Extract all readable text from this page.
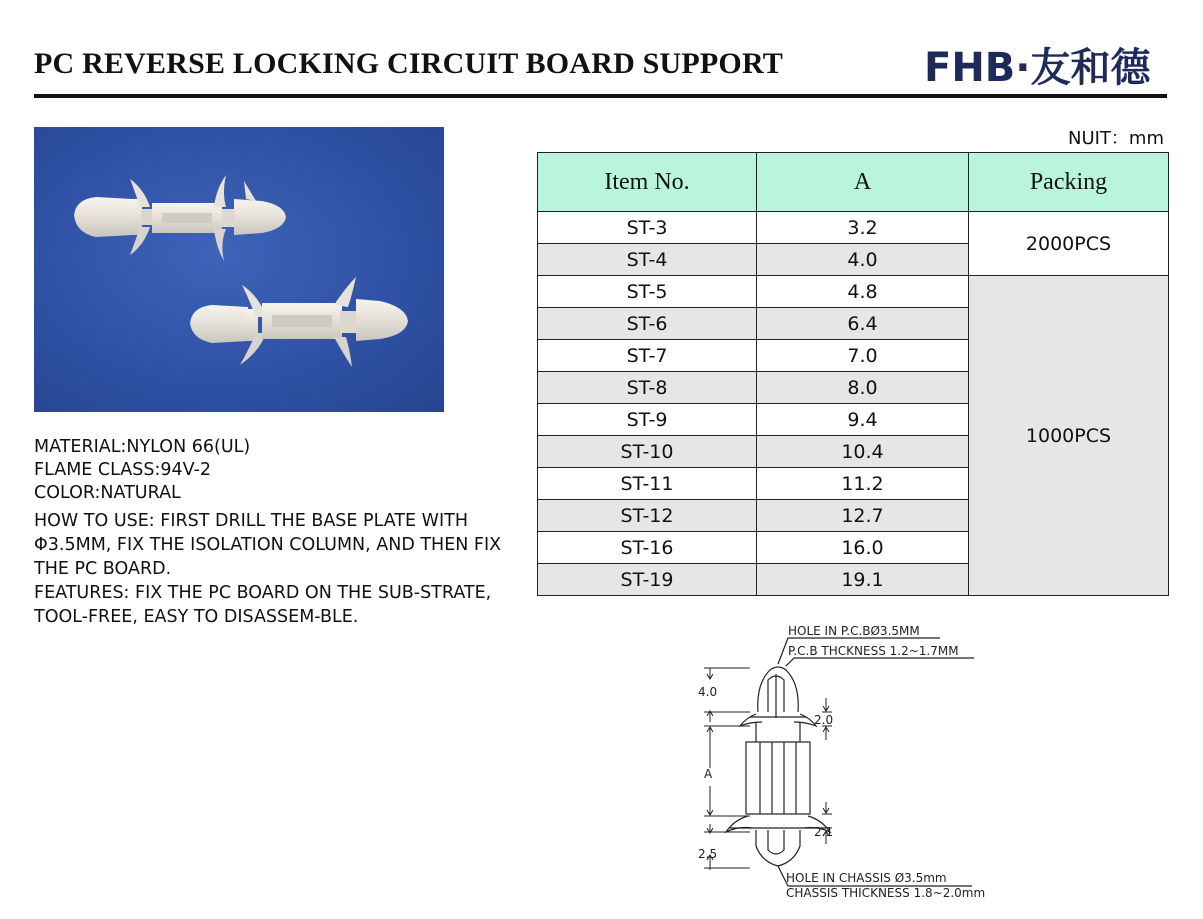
PC REVERSE LOCKING CIRCUIT BOARD SUPPORT	FHB·友和德
MATERIAL:NYLON 66(UL)
FLAME CLASS:94V-2
COLOR:NATURAL

HOW TO USE: FIRST DRILL THE BASE PLATE WITH Φ3.5MM, FIX THE ISOLATION COLUMN, AND THEN FIX THE PC BOARD.

FEATURES: FIX THE PC BOARD ON THE SUB-STRATE, TOOL-FREE, EASY TO DISASSEM-BLE.

NUIT：mm
Item No.	A	Packing
ST-3	3.2	2000PCS
ST-4	4.0	
ST-5	4.8	1000PCS
ST-6	6.4	
ST-7	7.0	
ST-8	8.0	
ST-9	9.4	
ST-10	10.4	
ST-11	11.2	
ST-12	12.7	
ST-16	16.0	
ST-19	19.1	
HOLE IN P.C.BØ3.5MM
P.C.B THCKNESS 1.2~1.7MM
4.0
2.0
A
2.1
2.5
HOLE IN CHASSIS Ø3.5mm
CHASSIS THICKNESS 1.8~2.0mm
